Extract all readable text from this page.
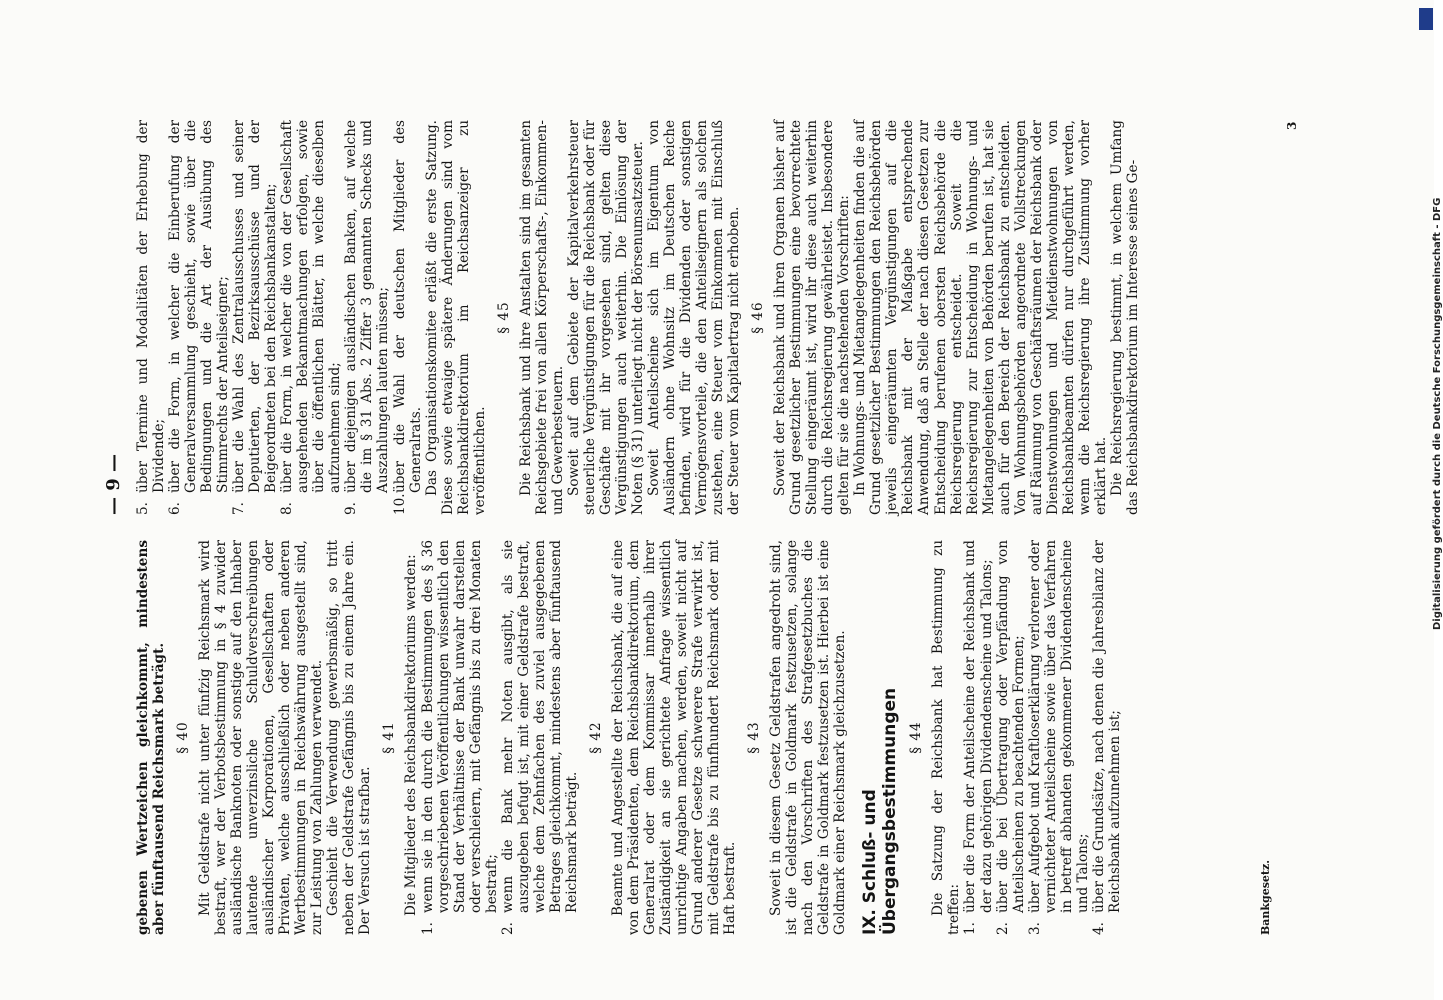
— 9 —

gebenen Wertzeichen gleichkommt, mindestens aber fünftausend Reichsmark beträgt. § 40 Mit Geldstrafe nicht unter fünfzig Reichsmark wird bestraft, wer der Verbotsbestimmung in § 4 zuwider ausländische Banknoten oder sonstige auf den Inhaber lautende unverzinsliche Schuldverschreibungen ausländischer Korporationen, Gesellschaften oder Privaten, welche ausschließlich oder neben anderen Wertbestimmungen in Reichswährung ausgestellt sind, zur Leistung von Zahlungen verwendet. Geschieht die Verwendung gewerbsmäßig, so tritt neben der Geldstrafe Gefängnis bis zu einem Jahre ein. Der Versuch ist strafbar.

§ 41 Die Mitglieder des Reichsbankdirektoriums werden:

1.
wenn sie in den durch die Bestimmungen des § 36 vorgeschriebenen Veröffentlichungen wissentlich den Stand der Verhältnisse der Bank unwahr darstellen oder verschleiern, mit Gefängnis bis zu drei Monaten bestraft;
2.
wenn die Bank mehr Noten ausgibt, als sie auszugeben befugt ist, mit einer Geldstrafe bestraft, welche dem Zehnfachen des zuviel ausgegebenen Betrages gleichkommt, mindestens aber fünftausend Reichsmark beträgt.
§ 42 Beamte und Angestellte der Reichsbank, die auf eine von dem Präsidenten, dem Reichsbankdirektorium, dem Generalrat oder dem Kommissar innerhalb ihrer Zuständigkeit an sie gerichtete Anfrage wissentlich unrichtige Angaben machen, werden, soweit nicht auf Grund anderer Gesetze schwerere Strafe verwirkt ist, mit Geldstrafe bis zu fünfhundert Reichsmark oder mit Haft bestraft.

§ 43 Soweit in diesem Gesetz Geldstrafen angedroht sind, ist die Geldstrafe in Goldmark festzusetzen, solange nach den Vorschriften des Strafgesetzbuches die Geldstrafe in Goldmark festzusetzen ist. Hierbei ist eine Goldmark einer Reichsmark gleichzusetzen. IX. Schluß- und Übergangsbestimmungen § 44 Die Satzung der Reichsbank hat Bestimmung zu treffen: 1.
über die Form der Anteilscheine der Reichsbank und der dazu gehörigen Dividendenscheine und Talons;
2.
über die bei Übertragung oder Verpfändung von Anteilscheinen zu beachtenden Formen;
3.
über Aufgebot und Kraftloserklärung verlorener oder vernichteter Anteilscheine sowie über das Verfahren in betreff abhanden gekommener Dividendenscheine und Talons;
4.
über die Grundsätze, nach denen die Jahresbilanz der Reichsbank aufzunehmen ist;
5.
über Termine und Modalitäten der Erhebung der Dividende;
6.
über die Form, in welcher die Einberufung der Generalversammlung geschieht, sowie über die Bedingungen und die Art der Ausübung des Stimmrechts der Anteilseigner;
7.
über die Wahl des Zentralausschusses und seiner Deputierten, der Bezirksausschüsse und der Beigeordneten bei den Reichsbankanstalten;
8.
über die Form, in welcher die von der Gesellschaft ausgehenden Bekanntmachungen erfolgen, sowie über die öffentlichen Blätter, in welche dieselben aufzunehmen sind;
9.
über diejenigen ausländischen Banken, auf welche die im § 31 Abs. 2 Ziffer 3 genannten Schecks und Auszahlungen lauten müssen;
10.
über die Wahl der deutschen Mitglieder des Generalrats. Das Organisationskomitee erläßt die erste Satzung. Diese sowie etwaige spätere Änderungen sind vom Reichsbankdirektorium im Reichsanzeiger zu veröffentlichen.

§ 45 Die Reichsbank und ihre Anstalten sind im gesamten Reichsgebiete frei von allen Körperschafts-, Einkommen- und Gewerbesteuern. Soweit auf dem Gebiete der Kapitalverkehrsteuer steuerliche Vergünstigungen für die Reichsbank oder für Geschäfte mit ihr vorgesehen sind, gelten diese Vergünstigungen auch weiterhin. Die Einlösung der Noten (§ 31) unterliegt nicht der Börsenumsatzsteuer. Soweit Anteilscheine sich im Eigentum von Ausländern ohne Wohnsitz im Deutschen Reiche befinden, wird für die Dividenden oder sonstigen Vermögensvorteile, die den Anteilseignern als solchen zustehen, eine Steuer vom Einkommen mit Einschluß der Steuer vom Kapitalertrag nicht erhoben. § 46 Soweit der Reichsbank und ihren Organen bisher auf Grund gesetzlicher Bestimmungen eine bevorrechtete Stellung eingeräumt ist, wird ihr diese auch weiterhin durch die Reichsregierung gewährleistet. Insbesondere gelten für sie die nachstehenden Vorschriften: In Wohnungs- und Mietangelegenheiten finden die auf Grund gesetzlicher Bestimmungen den Reichsbehörden jeweils eingeräumten Vergünstigungen auf die Reichsbank mit der Maßgabe entsprechende Anwendung, daß an Stelle der nach diesen Gesetzen zur Entscheidung berufenen obersten Reichsbehörde die Reichsregierung entscheidet. Soweit die Reichsregierung zur Entscheidung in Wohnungs- und Mietangelegenheiten von Behörden berufen ist, hat sie auch für den Bereich der Reichsbank zu entscheiden. Von Wohnungsbehörden angeordnete Vollstreckungen auf Räumung von Geschäftsräumen der Reichsbank oder Dienstwohnungen und Mietdienstwohnungen von Reichsbankbeamten dürfen nur durchgeführt werden, wenn die Reichsregierung ihre Zustimmung vorher erklärt hat. Die Reichsregierung bestimmt, in welchem Umfang das Reichsbankdirektorium im Interesse seines Ge-

Bankgesetz.
3
Digitalisierung gefördert durch die Deutsche Forschungsgemeinschaft - DFG
